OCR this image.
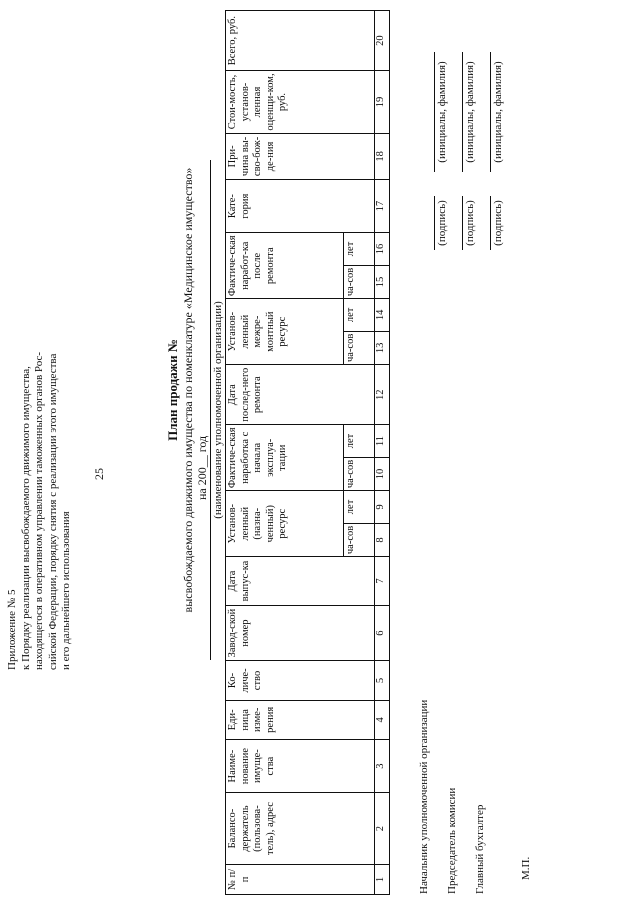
25
Приложение № 5 к Порядку реализации высвобождаемого движимого имущества, находящегося в оперативном управлении таможенных органов Рос- сийской Федерации, порядку снятия с реализации этого имущества и его дальнейшего использования
План продажи № высвобождаемого движимого имущества по номенклатуре «Медицинское имущество» на 200__ год (наименование уполномоченной организации)
№ п/п	Балансо-держатель (пользова-тель), адрес	Наиме-нование имуще-ства	Еди-ница изме-рения	Ко-личе-ство	Завод-ской номер	Дата выпус-ка	Установ-ленный (назна-ченный) ресурс		Фактиче-ская наработка с начала эксплуа-тации		Дата послед-него ремонта	Установ-ленный межре-монтный ресурс		Фактиче-ская наработ-ка после ремонта		Кате-гория	При-чина вы-сво-бож-де-ния	Стои-мость, установ-ленная оценщи-ком, руб.	Всего, руб.
							ча-сов	лет	ча-сов	лет		ча-сов	лет	ча-сов	лет				
1	2	3	4	5	6	7	8	9	10	11	12	13	14	15	16	17	18	19	20
Начальник уполномоченной организации Председатель комисии Главный бухгалтер
(подпись)
(инициалы, фамилия)
(подпись)
(инициалы, фамилия)
(подпись)
(инициалы, фамилия)
М.П.
